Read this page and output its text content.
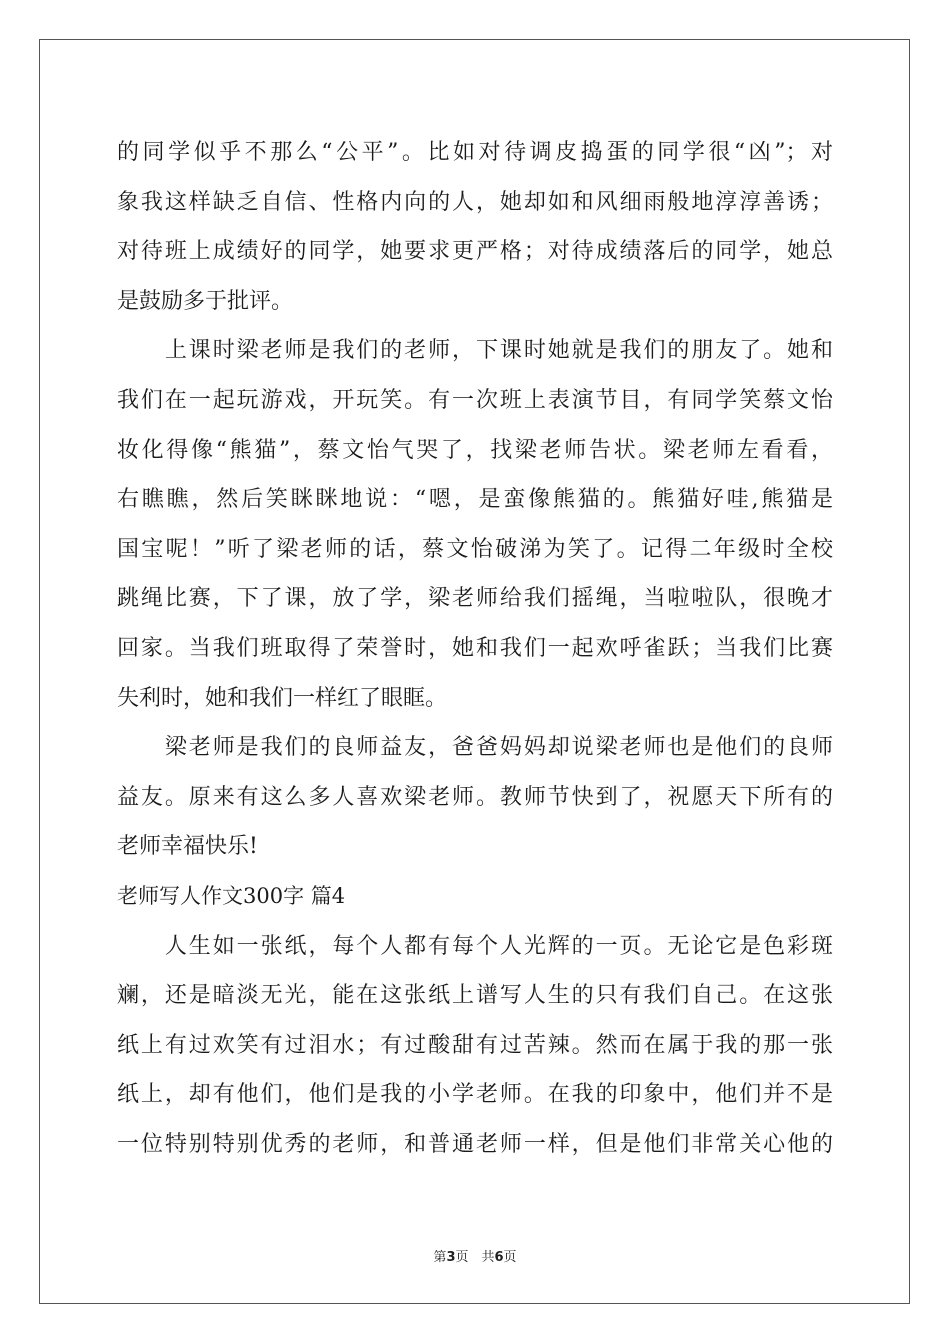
的同学似乎不那么“公平”。比如对待调皮捣蛋的同学很“凶”；对
象我这样缺乏自信、性格内向的人，她却如和风细雨般地淳淳善诱；
对待班上成绩好的同学，她要求更严格；对待成绩落后的同学，她总
是鼓励多于批评。
　　上课时梁老师是我们的老师，下课时她就是我们的朋友了。她和
我们在一起玩游戏，开玩笑。有一次班上表演节目，有同学笑蔡文怡
妆化得像“熊猫”，蔡文怡气哭了，找梁老师告状。梁老师左看看，
右瞧瞧，然后笑眯眯地说：“嗯，是蛮像熊猫的。熊猫好哇,熊猫是
国宝呢！”听了梁老师的话，蔡文怡破涕为笑了。记得二年级时全校
跳绳比赛，下了课，放了学，梁老师给我们摇绳，当啦啦队，很晚才
回家。当我们班取得了荣誉时，她和我们一起欢呼雀跃；当我们比赛
失利时，她和我们一样红了眼眶。
　　梁老师是我们的良师益友，爸爸妈妈却说梁老师也是他们的良师
益友。原来有这么多人喜欢梁老师。教师节快到了，祝愿天下所有的
老师幸福快乐!
老师写人作文300字 篇4
　　人生如一张纸，每个人都有每个人光辉的一页。无论它是色彩斑
斓，还是暗淡无光，能在这张纸上谱写人生的只有我们自己。在这张
纸上有过欢笑有过泪水；有过酸甜有过苦辣。然而在属于我的那一张
纸上，却有他们，他们是我的小学老师。在我的印象中，他们并不是
一位特别特别优秀的老师，和普通老师一样，但是他们非常关心他的
第3页　共6页
